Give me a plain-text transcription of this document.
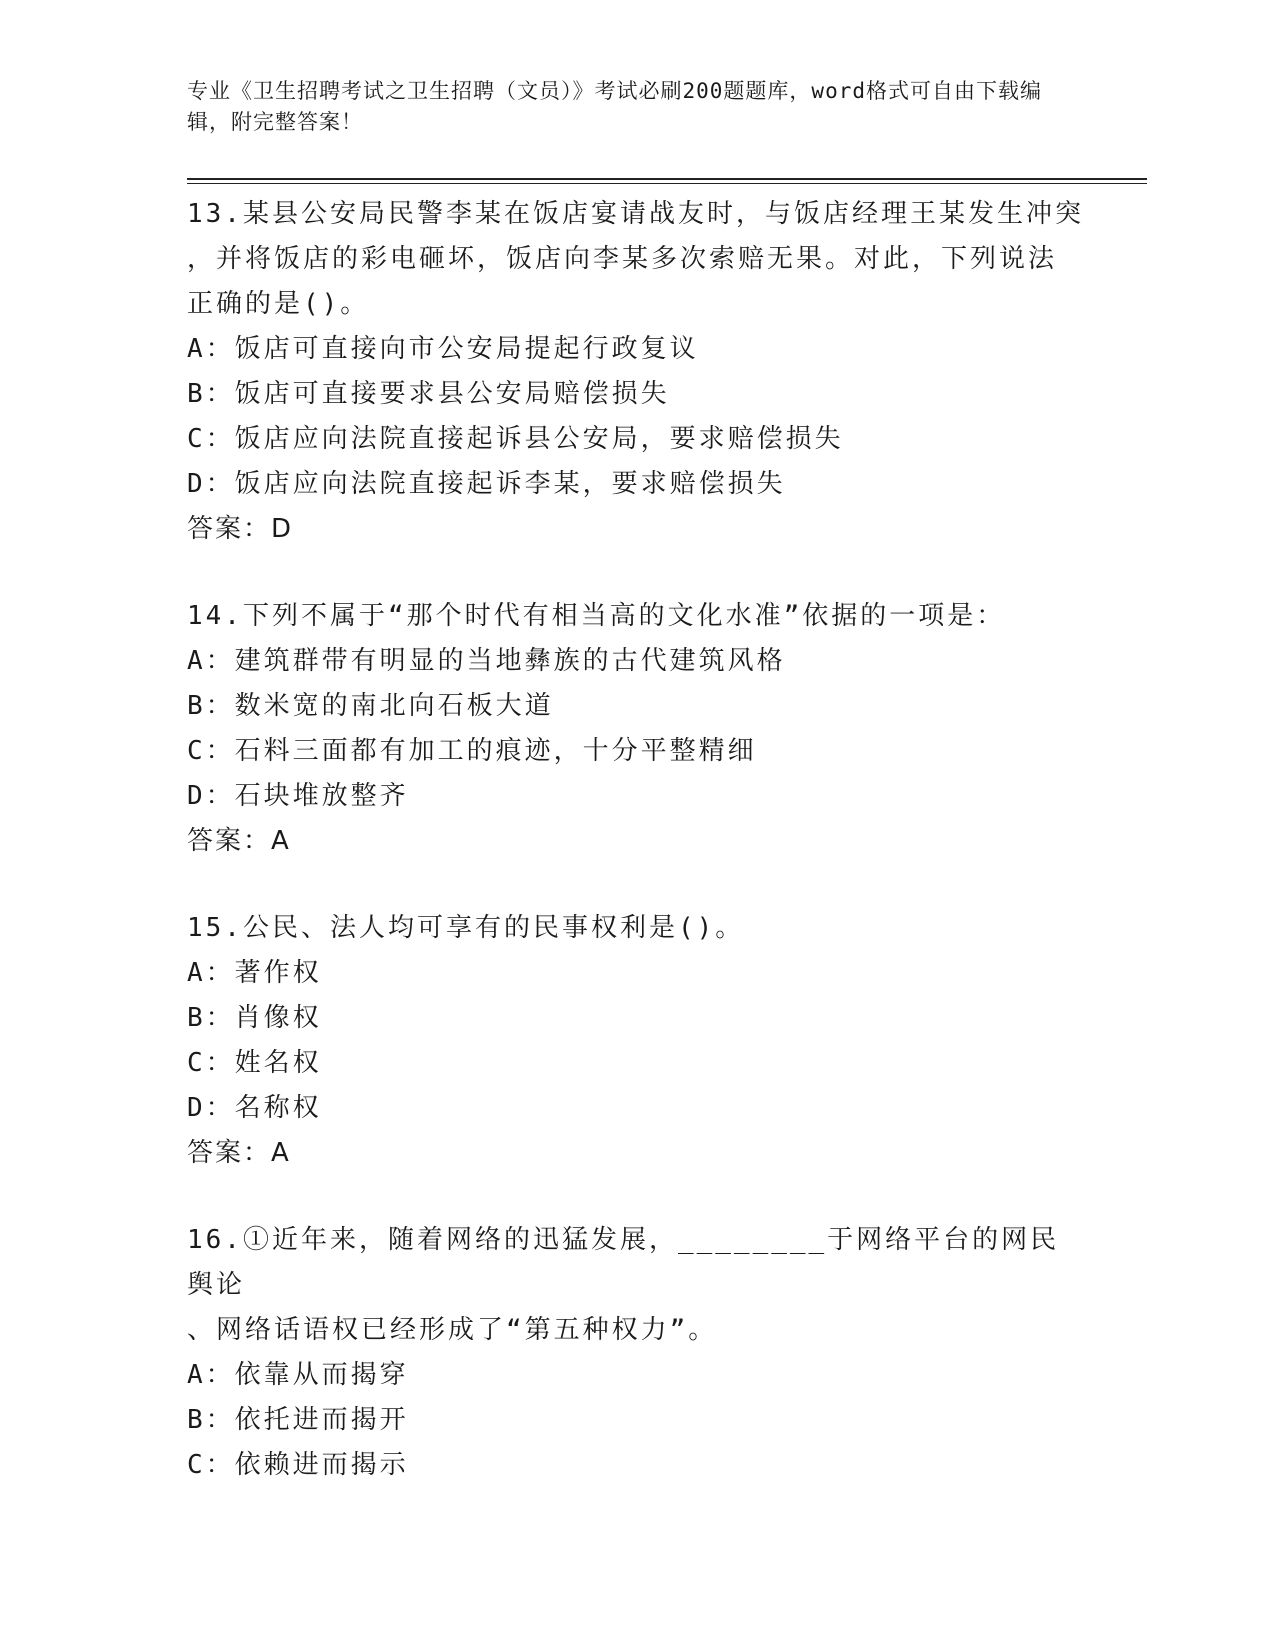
专业《卫生招聘考试之卫生招聘（文员）》考试必刷200题题库，word格式可自由下载编辑，附完整答案！
13.某县公安局民警李某在饭店宴请战友时，与饭店经理王某发生冲突
，并将饭店的彩电砸坏，饭店向李某多次索赔无果。对此，下列说法
正确的是()。
A：饭店可直接向市公安局提起行政复议
B：饭店可直接要求县公安局赔偿损失
C：饭店应向法院直接起诉县公安局，要求赔偿损失
D：饭店应向法院直接起诉李某，要求赔偿损失
答案：D
14.下列不属于“那个时代有相当高的文化水准”依据的一项是：
A：建筑群带有明显的当地彝族的古代建筑风格
B：数米宽的南北向石板大道
C：石料三面都有加工的痕迹，十分平整精细
D：石块堆放整齐
答案：A
15.公民、法人均可享有的民事权利是()。
A：著作权
B：肖像权
C：姓名权
D：名称权
答案：A
16.①近年来，随着网络的迅猛发展，________于网络平台的网民舆论
、网络话语权已经形成了“第五种权力”。
A：依靠从而揭穿
B：依托进而揭开
C：依赖进而揭示
